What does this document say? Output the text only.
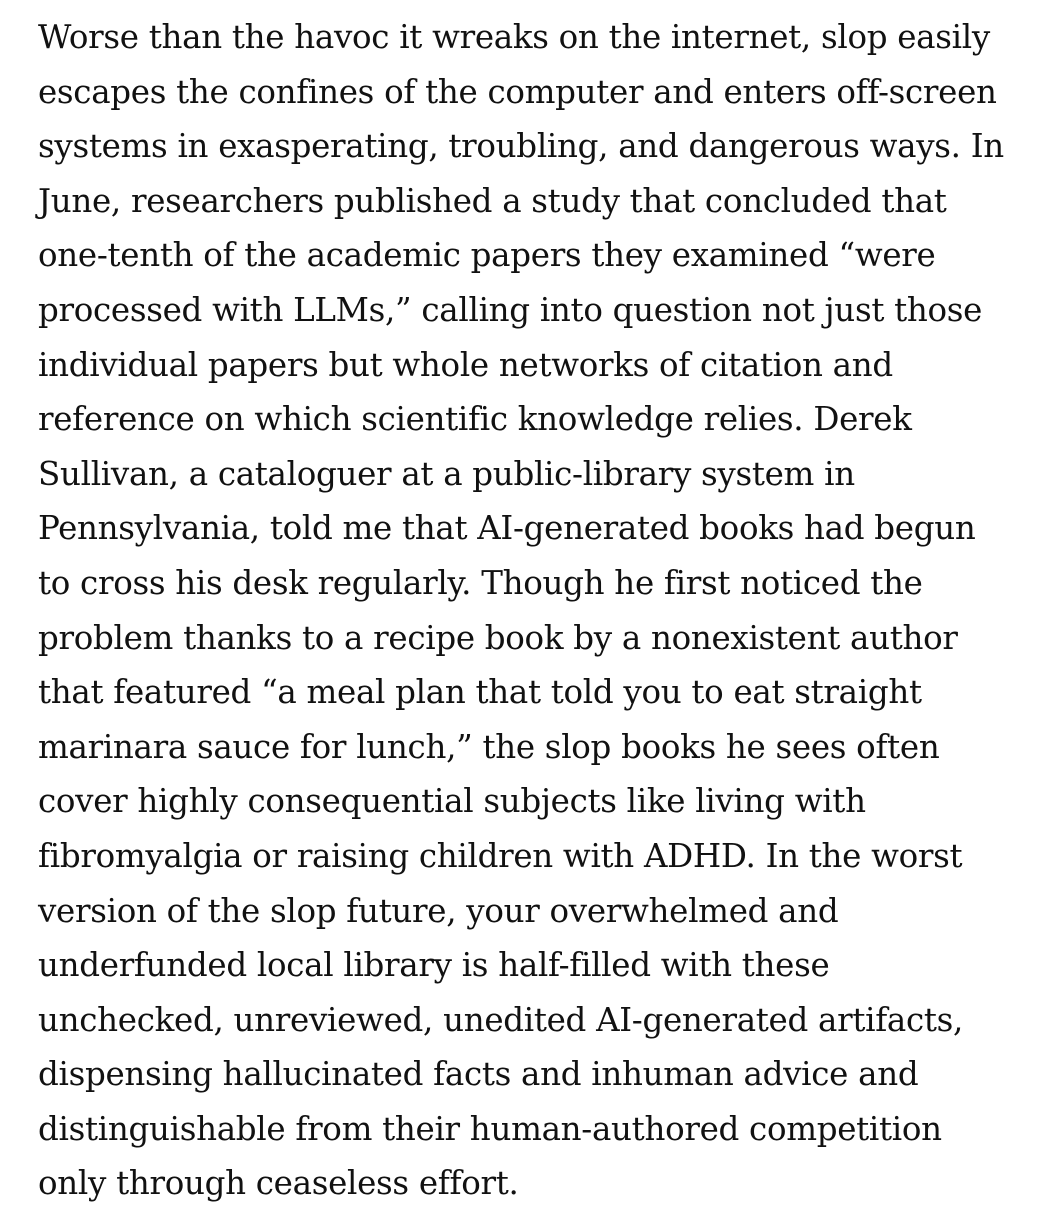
Worse than the havoc it wreaks on the internet, slop easily
escapes the confines of the computer and enters off-screen
systems in exasperating, troubling, and dangerous ways. In
June, researchers published a study that concluded that
one-tenth of the academic papers they examined “were
processed with LLMs,” calling into question not just those
individual papers but whole networks of citation and
reference on which scientific knowledge relies. Derek
Sullivan, a cataloguer at a public-library system in
Pennsylvania, told me that AI-generated books had begun
to cross his desk regularly. Though he first noticed the
problem thanks to a recipe book by a nonexistent author
that featured “a meal plan that told you to eat straight
marinara sauce for lunch,” the slop books he sees often
cover highly consequential subjects like living with
fibromyalgia or raising children with ADHD. In the worst
version of the slop future, your overwhelmed and
underfunded local library is half-filled with these
unchecked, unreviewed, unedited AI-generated artifacts,
dispensing hallucinated facts and inhuman advice and
distinguishable from their human-authored competition
only through ceaseless effort.
